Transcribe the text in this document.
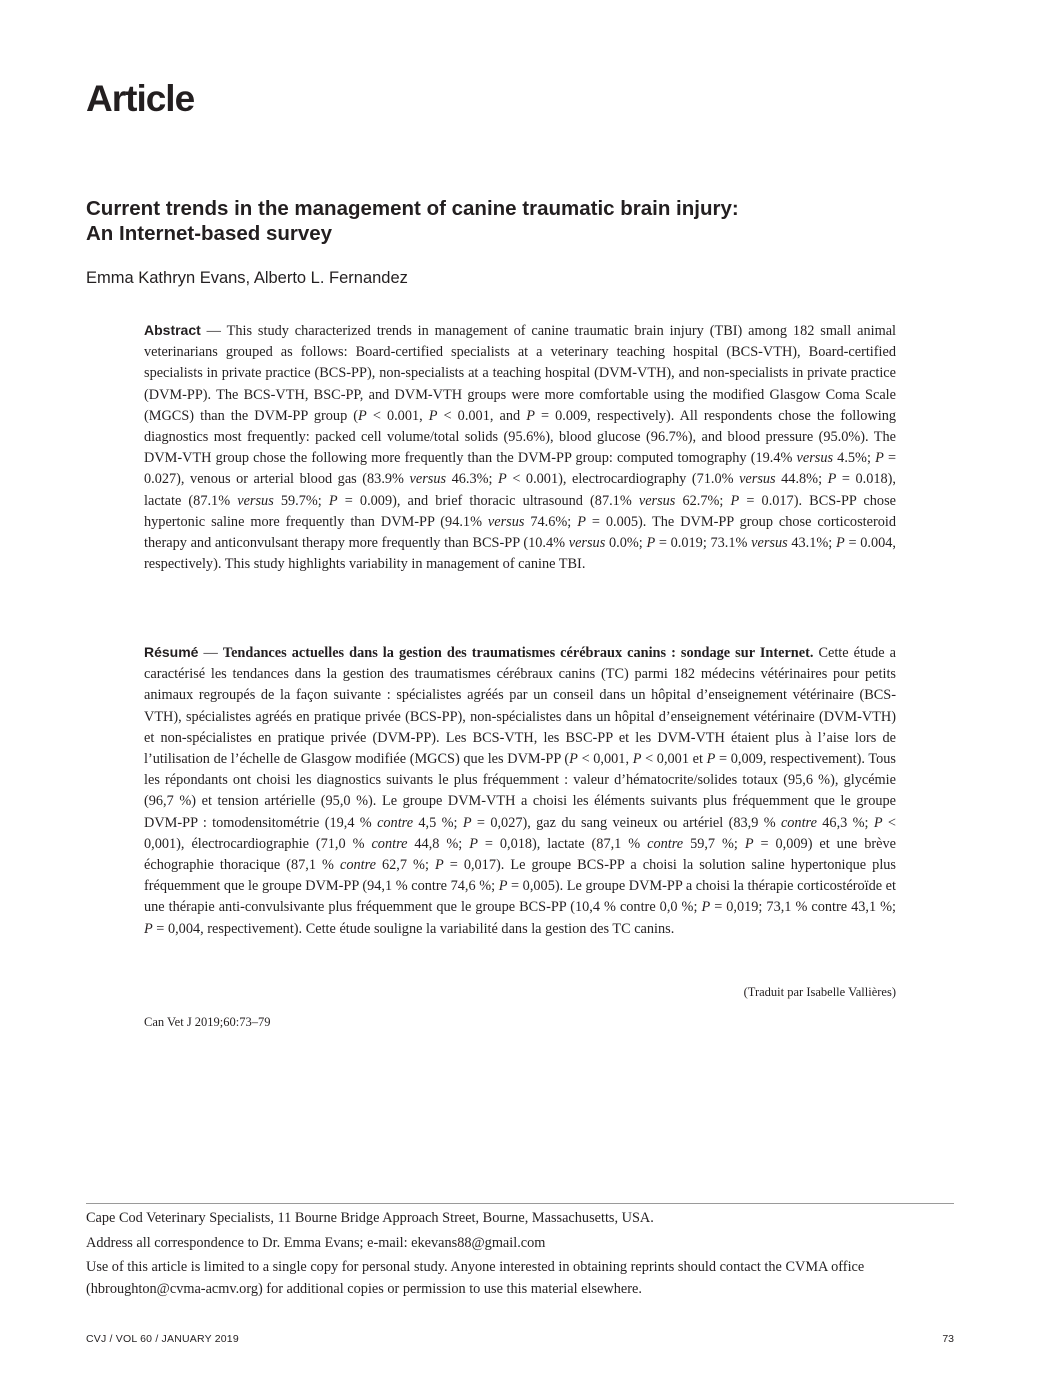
Article
Current trends in the management of canine traumatic brain injury:
An Internet-based survey

Emma Kathryn Evans, Alberto L. Fernandez

Abstract — This study characterized trends in management of canine traumatic brain injury (TBI) among 182 small animal veterinarians grouped as follows: Board-certified specialists at a veterinary teaching hospital (BCS-VTH), Board-certified specialists in private practice (BCS-PP), non-specialists at a teaching hospital (DVM-VTH), and non-specialists in private practice (DVM-PP). The BCS-VTH, BSC-PP, and DVM-VTH groups were more comfortable using the modified Glasgow Coma Scale (MGCS) than the DVM-PP group (P < 0.001, P < 0.001, and P = 0.009, respectively). All respondents chose the following diagnostics most frequently: packed cell volume/total solids (95.6%), blood glucose (96.7%), and blood pressure (95.0%). The DVM-VTH group chose the following more frequently than the DVM-PP group: computed tomography (19.4% versus 4.5%; P = 0.027), venous or arterial blood gas (83.9% versus 46.3%; P < 0.001), electrocardiography (71.0% versus 44.8%; P = 0.018), lactate (87.1% versus 59.7%; P = 0.009), and brief thoracic ultrasound (87.1% versus 62.7%; P = 0.017). BCS-PP chose hypertonic saline more frequently than DVM-PP (94.1% versus 74.6%; P = 0.005). The DVM-PP group chose corticosteroid therapy and anticonvulsant therapy more frequently than BCS-PP (10.4% versus 0.0%; P = 0.019; 73.1% versus 43.1%; P = 0.004, respectively). This study highlights variability in management of canine TBI.

Résumé — Tendances actuelles dans la gestion des traumatismes cérébraux canins : sondage sur Internet. Cette étude a caractérisé les tendances dans la gestion des traumatismes cérébraux canins (TC) parmi 182 médecins vétérinaires pour petits animaux regroupés de la façon suivante : spécialistes agréés par un conseil dans un hôpital d’enseignement vétérinaire (BCS-VTH), spécialistes agréés en pratique privée (BCS-PP), non-spécialistes dans un hôpital d’enseignement vétérinaire (DVM-VTH) et non-spécialistes en pratique privée (DVM-PP). Les BCS-VTH, les BSC-PP et les DVM-VTH étaient plus à l’aise lors de l’utilisation de l’échelle de Glasgow modifiée (MGCS) que les DVM-PP (P < 0,001, P < 0,001 et P = 0,009, respectivement). Tous les répondants ont choisi les diagnostics suivants le plus fréquemment : valeur d’hématocrite/solides totaux (95,6 %), glycémie (96,7 %) et tension artérielle (95,0 %). Le groupe DVM-VTH a choisi les éléments suivants plus fréquemment que le groupe DVM-PP : tomodensitométrie (19,4 % contre 4,5 %; P = 0,027), gaz du sang veineux ou artériel (83,9 % contre 46,3 %; P < 0,001), électrocardiographie (71,0 % contre 44,8 %; P = 0,018), lactate (87,1 % contre 59,7 %; P = 0,009) et une brève échographie thoracique (87,1 % contre 62,7 %; P = 0,017). Le groupe BCS-PP a choisi la solution saline hypertonique plus fréquemment que le groupe DVM-PP (94,1 % contre 74,6 %; P = 0,005). Le groupe DVM-PP a choisi la thérapie corticostéroïde et une thérapie anti-convulsivante plus fréquemment que le groupe BCS-PP (10,4 % contre 0,0 %; P = 0,019; 73,1 % contre 43,1 %; P = 0,004, respectivement). Cette étude souligne la variabilité dans la gestion des TC canins.

(Traduit par Isabelle Vallières)

Can Vet J 2019;60:73–79

Cape Cod Veterinary Specialists, 11 Bourne Bridge Approach Street, Bourne, Massachusetts, USA.

Address all correspondence to Dr. Emma Evans; e-mail: ekevans88@gmail.com

Use of this article is limited to a single copy for personal study. Anyone interested in obtaining reprints should contact the CVMA office (hbroughton@cvma-acmv.org) for additional copies or permission to use this material elsewhere.

CVJ / VOL 60 / JANUARY 2019	73
